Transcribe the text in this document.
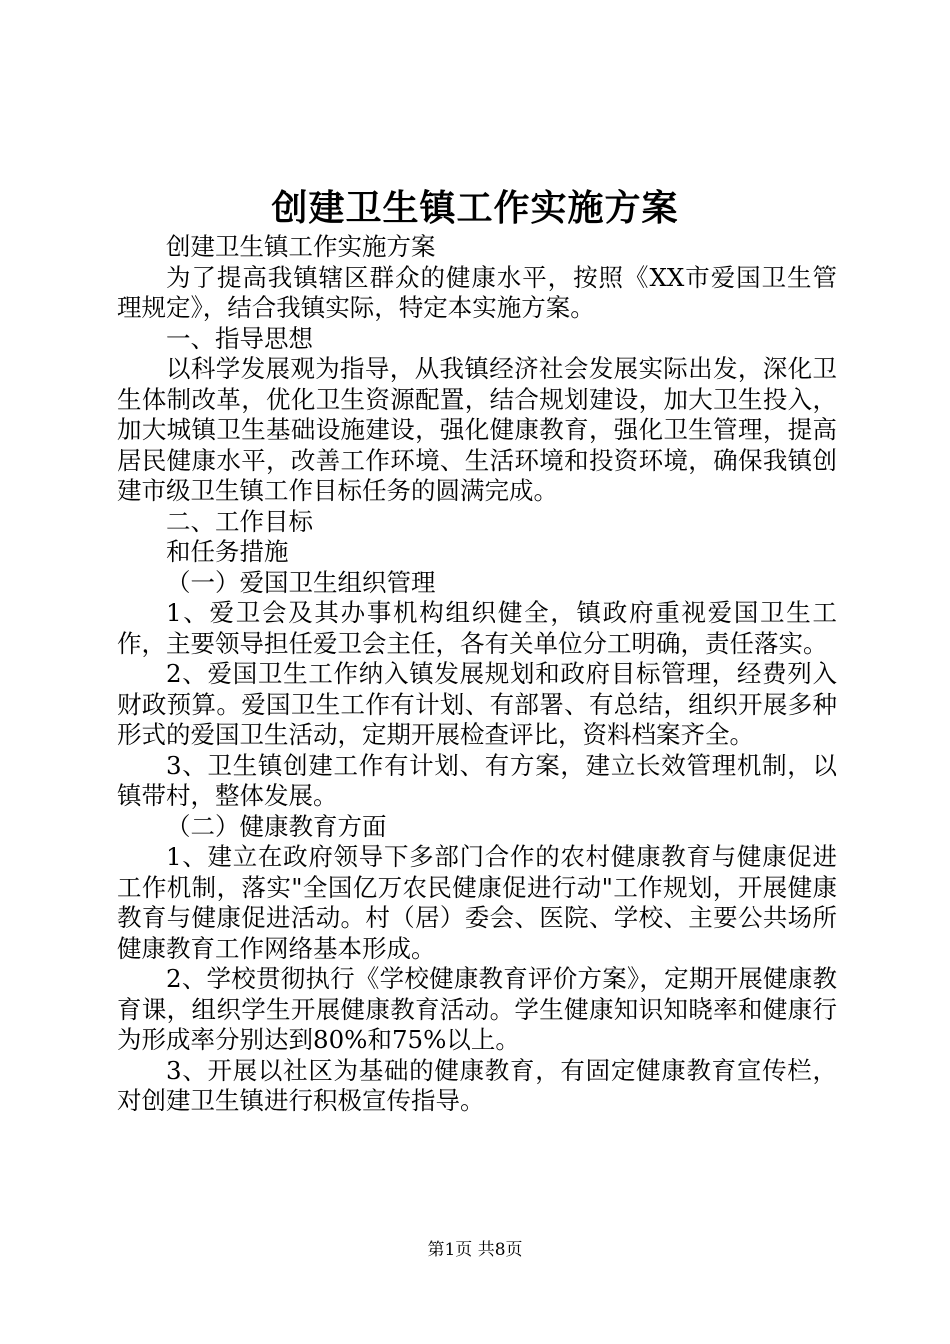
创建卫生镇工作实施方案

创建卫生镇工作实施方案

为了提高我镇辖区群众的健康水平，按照《XX市爱国卫生管理规定》，结合我镇实际，特定本实施方案。

一、指导思想

以科学发展观为指导，从我镇经济社会发展实际出发，深化卫生体制改革，优化卫生资源配置，结合规划建设，加大卫生投入，加大城镇卫生基础设施建设，强化健康教育，强化卫生管理，提高居民健康水平，改善工作环境、生活环境和投资环境，确保我镇创建市级卫生镇工作目标任务的圆满完成。

二、工作目标

和任务措施

（一）爱国卫生组织管理

1、爱卫会及其办事机构组织健全，镇政府重视爱国卫生工作，主要领导担任爱卫会主任，各有关单位分工明确，责任落实。

2、爱国卫生工作纳入镇发展规划和政府目标管理，经费列入财政预算。爱国卫生工作有计划、有部署、有总结，组织开展多种形式的爱国卫生活动，定期开展检查评比，资料档案齐全。

3、卫生镇创建工作有计划、有方案，建立长效管理机制，以镇带村，整体发展。

（二）健康教育方面

1、建立在政府领导下多部门合作的农村健康教育与健康促进工作机制，落实"全国亿万农民健康促进行动"工作规划，开展健康教育与健康促进活动。村（居）委会、医院、学校、主要公共场所健康教育工作网络基本形成。

2、学校贯彻执行《学校健康教育评价方案》，定期开展健康教育课，组织学生开展健康教育活动。学生健康知识知晓率和健康行为形成率分别达到80%和75%以上。

3、开展以社区为基础的健康教育，有固定健康教育宣传栏，对创建卫生镇进行积极宣传指导。

第1页 共8页
